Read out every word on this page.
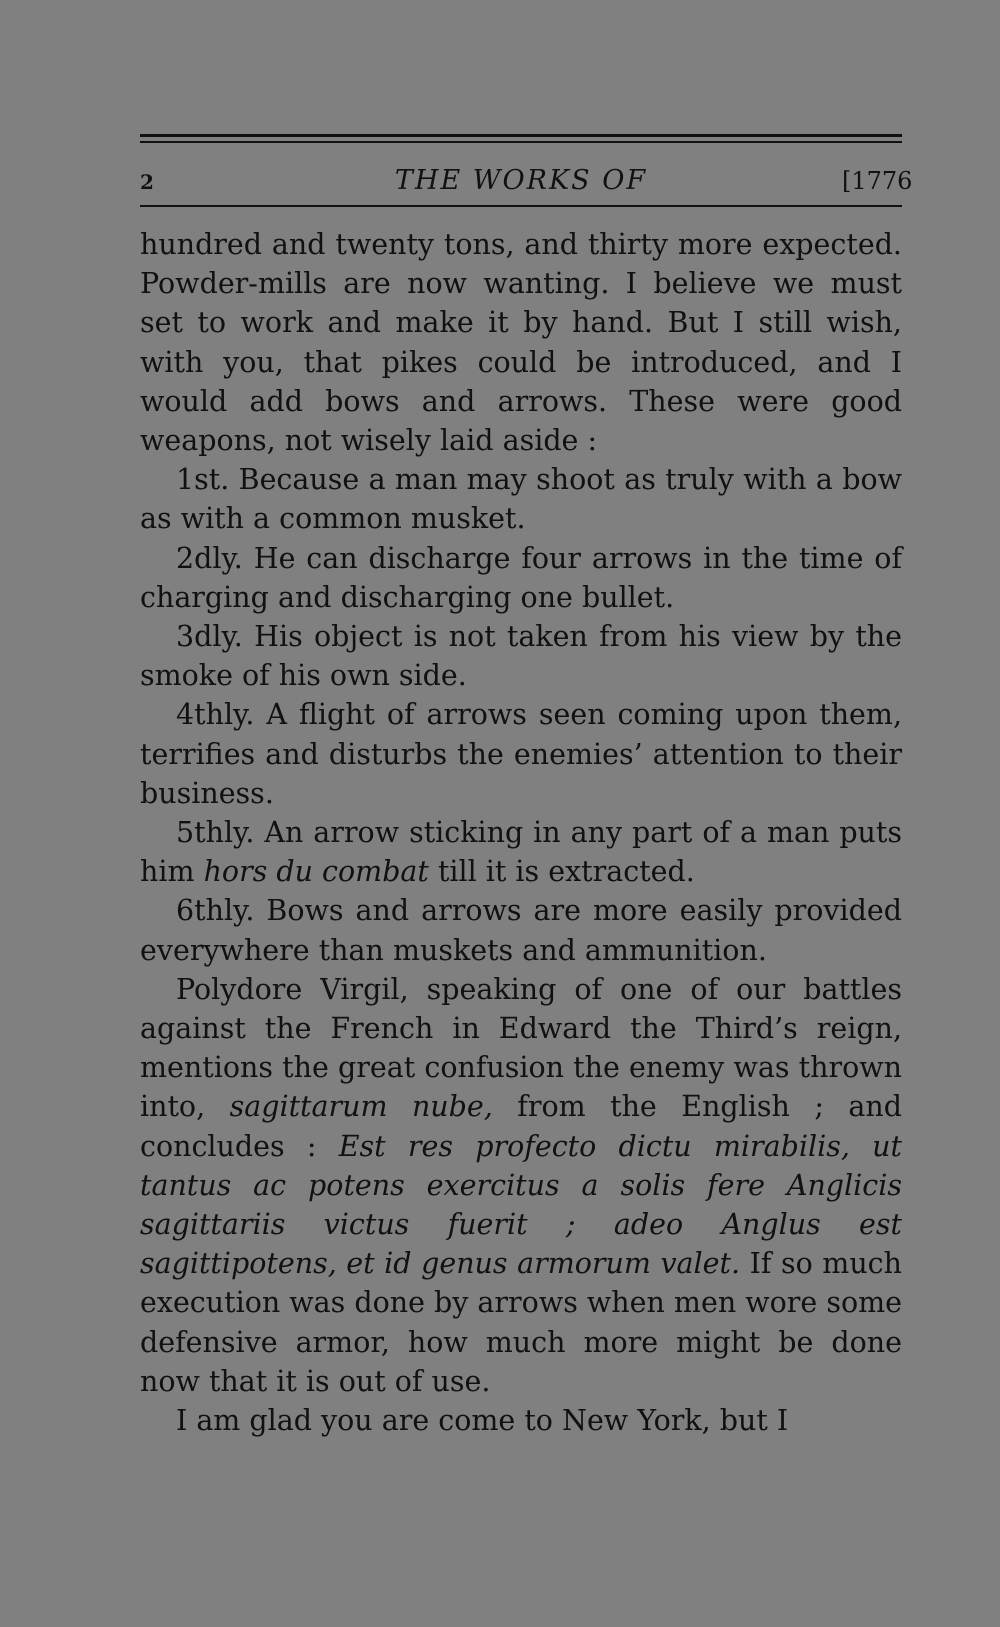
2	THE WORKS OF	[1776

hundred and twenty tons, and thirty more expected. Powder-mills are now wanting. I believe we must set to work and make it by hand. But I still wish, with you, that pikes could be introduced, and I would add bows and arrows. These were good weapons, not wisely laid aside :

1st. Because a man may shoot as truly with a bow as with a common musket.

2dly. He can discharge four arrows in the time of charging and discharging one bullet.

3dly. His object is not taken from his view by the smoke of his own side.

4thly. A flight of arrows seen coming upon them, terrifies and disturbs the enemies’ attention to their business.

5thly. An arrow sticking in any part of a man puts him hors du combat till it is extracted.

6thly. Bows and arrows are more easily provided everywhere than muskets and ammunition.

Polydore Virgil, speaking of one of our battles against the French in Edward the Third’s reign, mentions the great confusion the enemy was thrown into, sagittarum nube, from the English ; and concludes : Est res profecto dictu mirabilis, ut tantus ac potens exercitus a solis fere Anglicis sagittariis victus fuerit ; adeo Anglus est sagittipotens, et id genus armorum valet. If so much execution was done by arrows when men wore some defensive armor, how much more might be done now that it is out of use.

I am glad you are come to New York, but I
